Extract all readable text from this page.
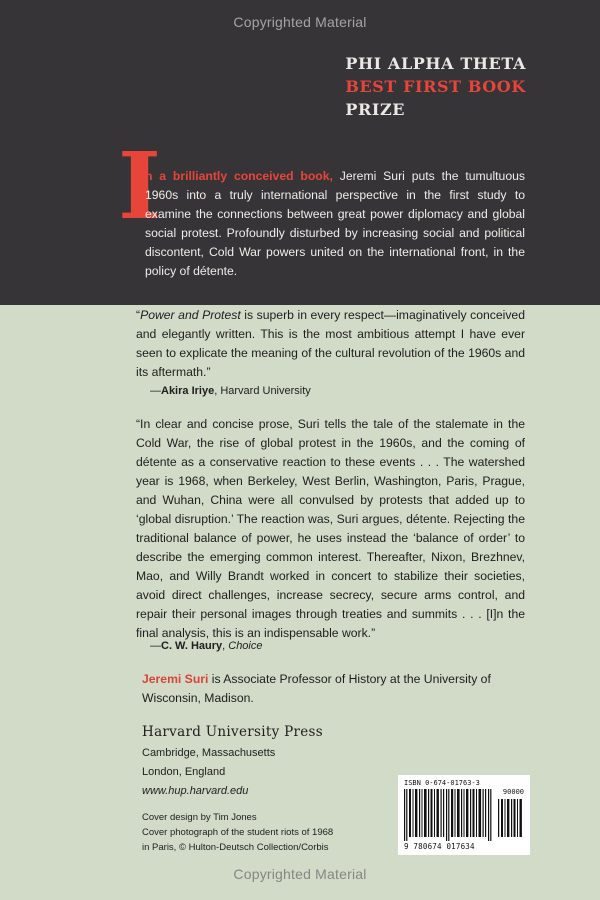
Copyrighted Material
PHI ALPHA THETA
BEST FIRST BOOK
PRIZE
I

n a brilliantly conceived book, Jeremi Suri puts the tumultuous 1960s into a truly international perspective in the first study to examine the connections between great power diplomacy and global social protest. Profoundly disturbed by increasing social and political discontent, Cold War powers united on the international front, in the policy of détente.

“Power and Protest is superb in every respect—imaginatively conceived and elegantly written. This is the most ambitious attempt I have ever seen to explicate the meaning of the cultural revolution of the 1960s and its aftermath.”

—Akira Iriye, Harvard University

“In clear and concise prose, Suri tells the tale of the stalemate in the Cold War, the rise of global protest in the 1960s, and the coming of détente as a conservative reaction to these events . . . The watershed year is 1968, when Berkeley, West Berlin, Washington, Paris, Prague, and Wuhan, China were all convulsed by protests that added up to ‘global disruption.’ The reaction was, Suri argues, détente. Rejecting the traditional balance of power, he uses instead the ‘balance of order’ to describe the emerging common interest. Thereafter, Nixon, Brezhnev, Mao, and Willy Brandt worked in concert to stabilize their societies, avoid direct challenges, increase secrecy, secure arms control, and repair their personal images through treaties and summits . . . [I]n the final analysis, this is an indispensable work.”

—C. W. Haury, Choice

Jeremi Suri is Associate Professor of History at the University of Wisconsin, Madison.

Harvard University Press
Cambridge, Massachusetts
London, England
www.hup.harvard.edu
Cover design by Tim Jones
Cover photograph of the student riots of 1968
in Paris, © Hulton-Deutsch Collection/Corbis
ISBN 0-674-01763-3
90000
9 780674 017634
Copyrighted Material
